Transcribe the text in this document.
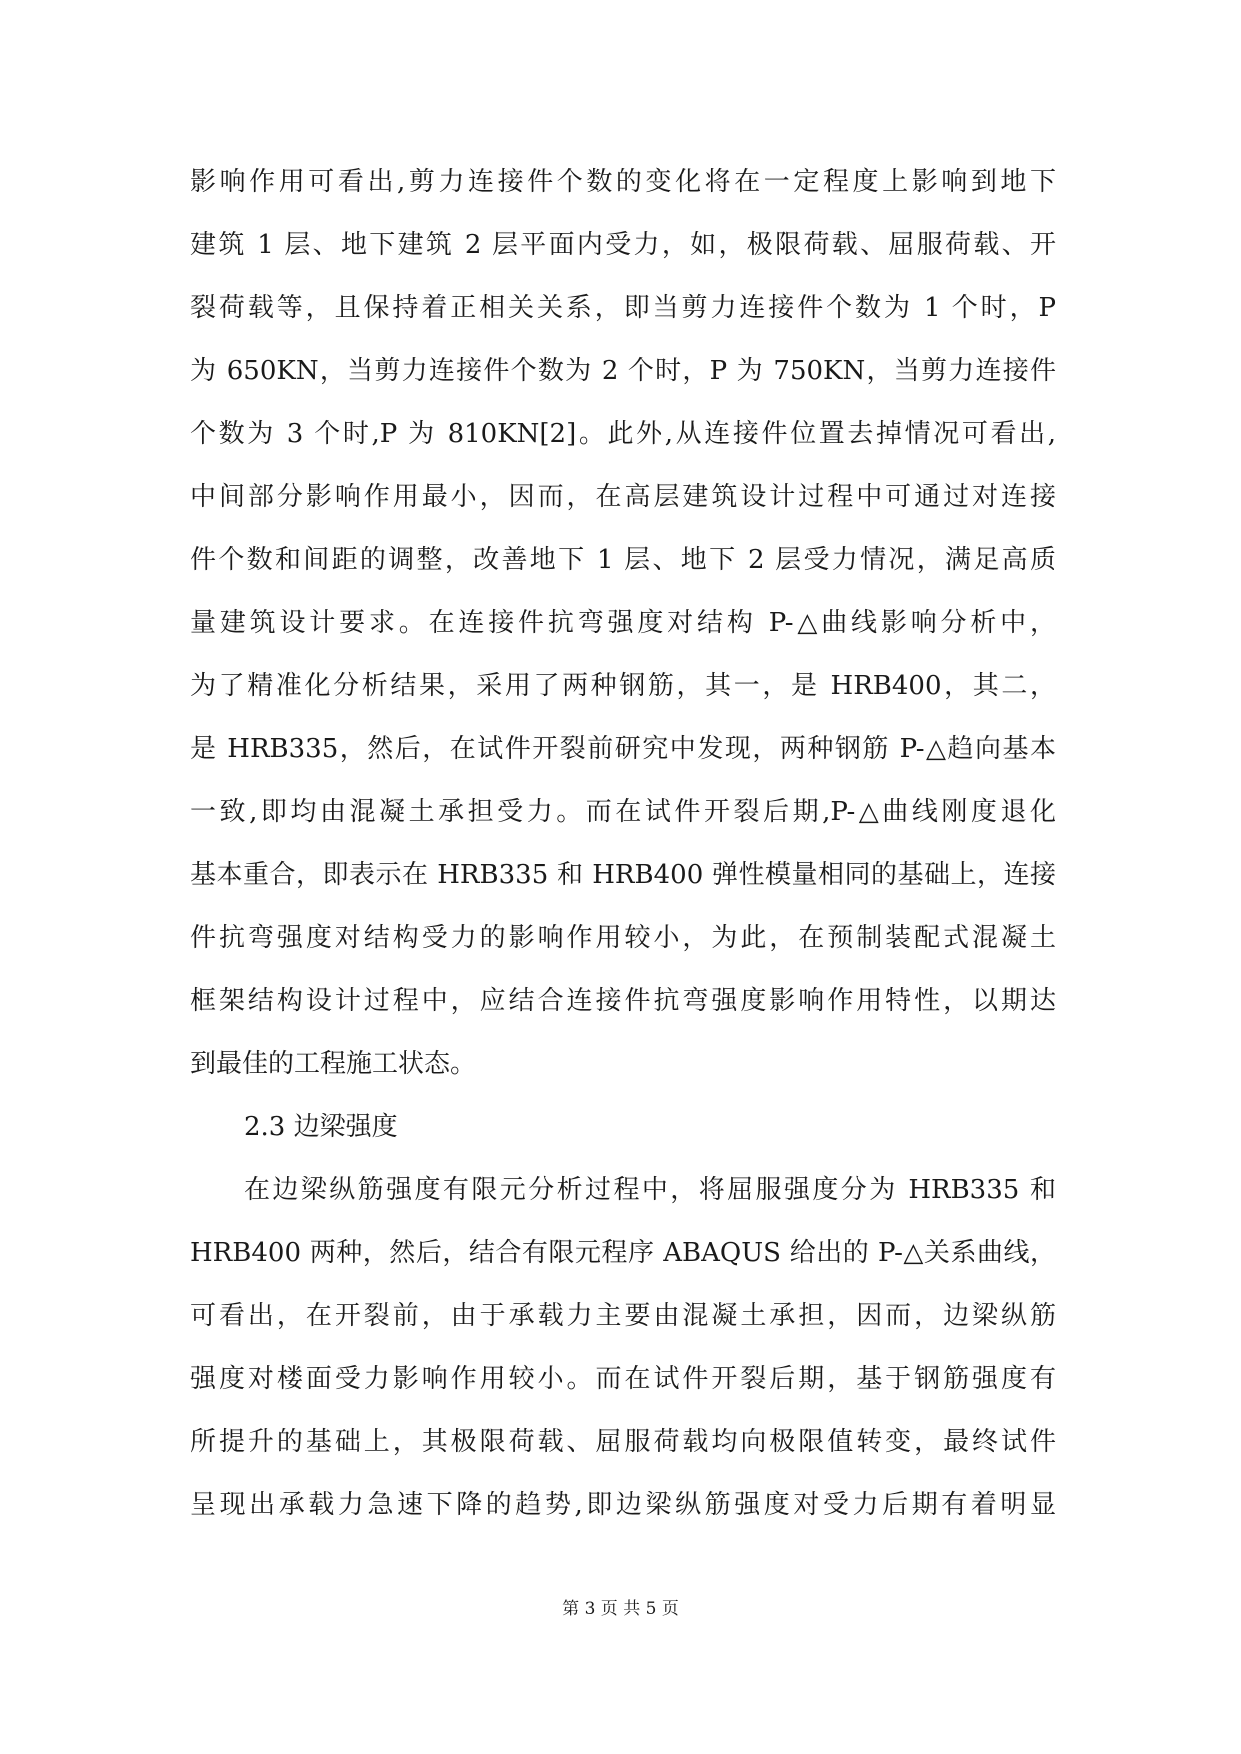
影响作用可看出,剪力连接件个数的变化将在一定程度上影响到地下
建筑 1 层、地下建筑 2 层平面内受力，如，极限荷载、屈服荷载、开
裂荷载等，且保持着正相关关系，即当剪力连接件个数为 1 个时，P
为 650KN，当剪力连接件个数为 2 个时，P 为 750KN，当剪力连接件
个数为 3 个时,P 为 810KN[2]。此外,从连接件位置去掉情况可看出,
中间部分影响作用最小，因而，在高层建筑设计过程中可通过对连接
件个数和间距的调整，改善地下 1 层、地下 2 层受力情况，满足高质
量建筑设计要求。在连接件抗弯强度对结构 P-△曲线影响分析中，
为了精准化分析结果，采用了两种钢筋，其一，是 HRB400，其二，
是 HRB335，然后，在试件开裂前研究中发现，两种钢筋 P-△趋向基本
一致,即均由混凝土承担受力。而在试件开裂后期,P-△曲线刚度退化
基本重合，即表示在 HRB335 和 HRB400 弹性模量相同的基础上，连接
件抗弯强度对结构受力的影响作用较小，为此，在预制装配式混凝土
框架结构设计过程中，应结合连接件抗弯强度影响作用特性，以期达
到最佳的工程施工状态。
2.3 边梁强度
在边梁纵筋强度有限元分析过程中，将屈服强度分为 HRB335 和
HRB400 两种，然后，结合有限元程序 ABAQUS 给出的 P-△关系曲线，
可看出，在开裂前，由于承载力主要由混凝土承担，因而，边梁纵筋
强度对楼面受力影响作用较小。而在试件开裂后期，基于钢筋强度有
所提升的基础上，其极限荷载、屈服荷载均向极限值转变，最终试件
呈现出承载力急速下降的趋势,即边梁纵筋强度对受力后期有着明显
第 3 页 共 5 页
